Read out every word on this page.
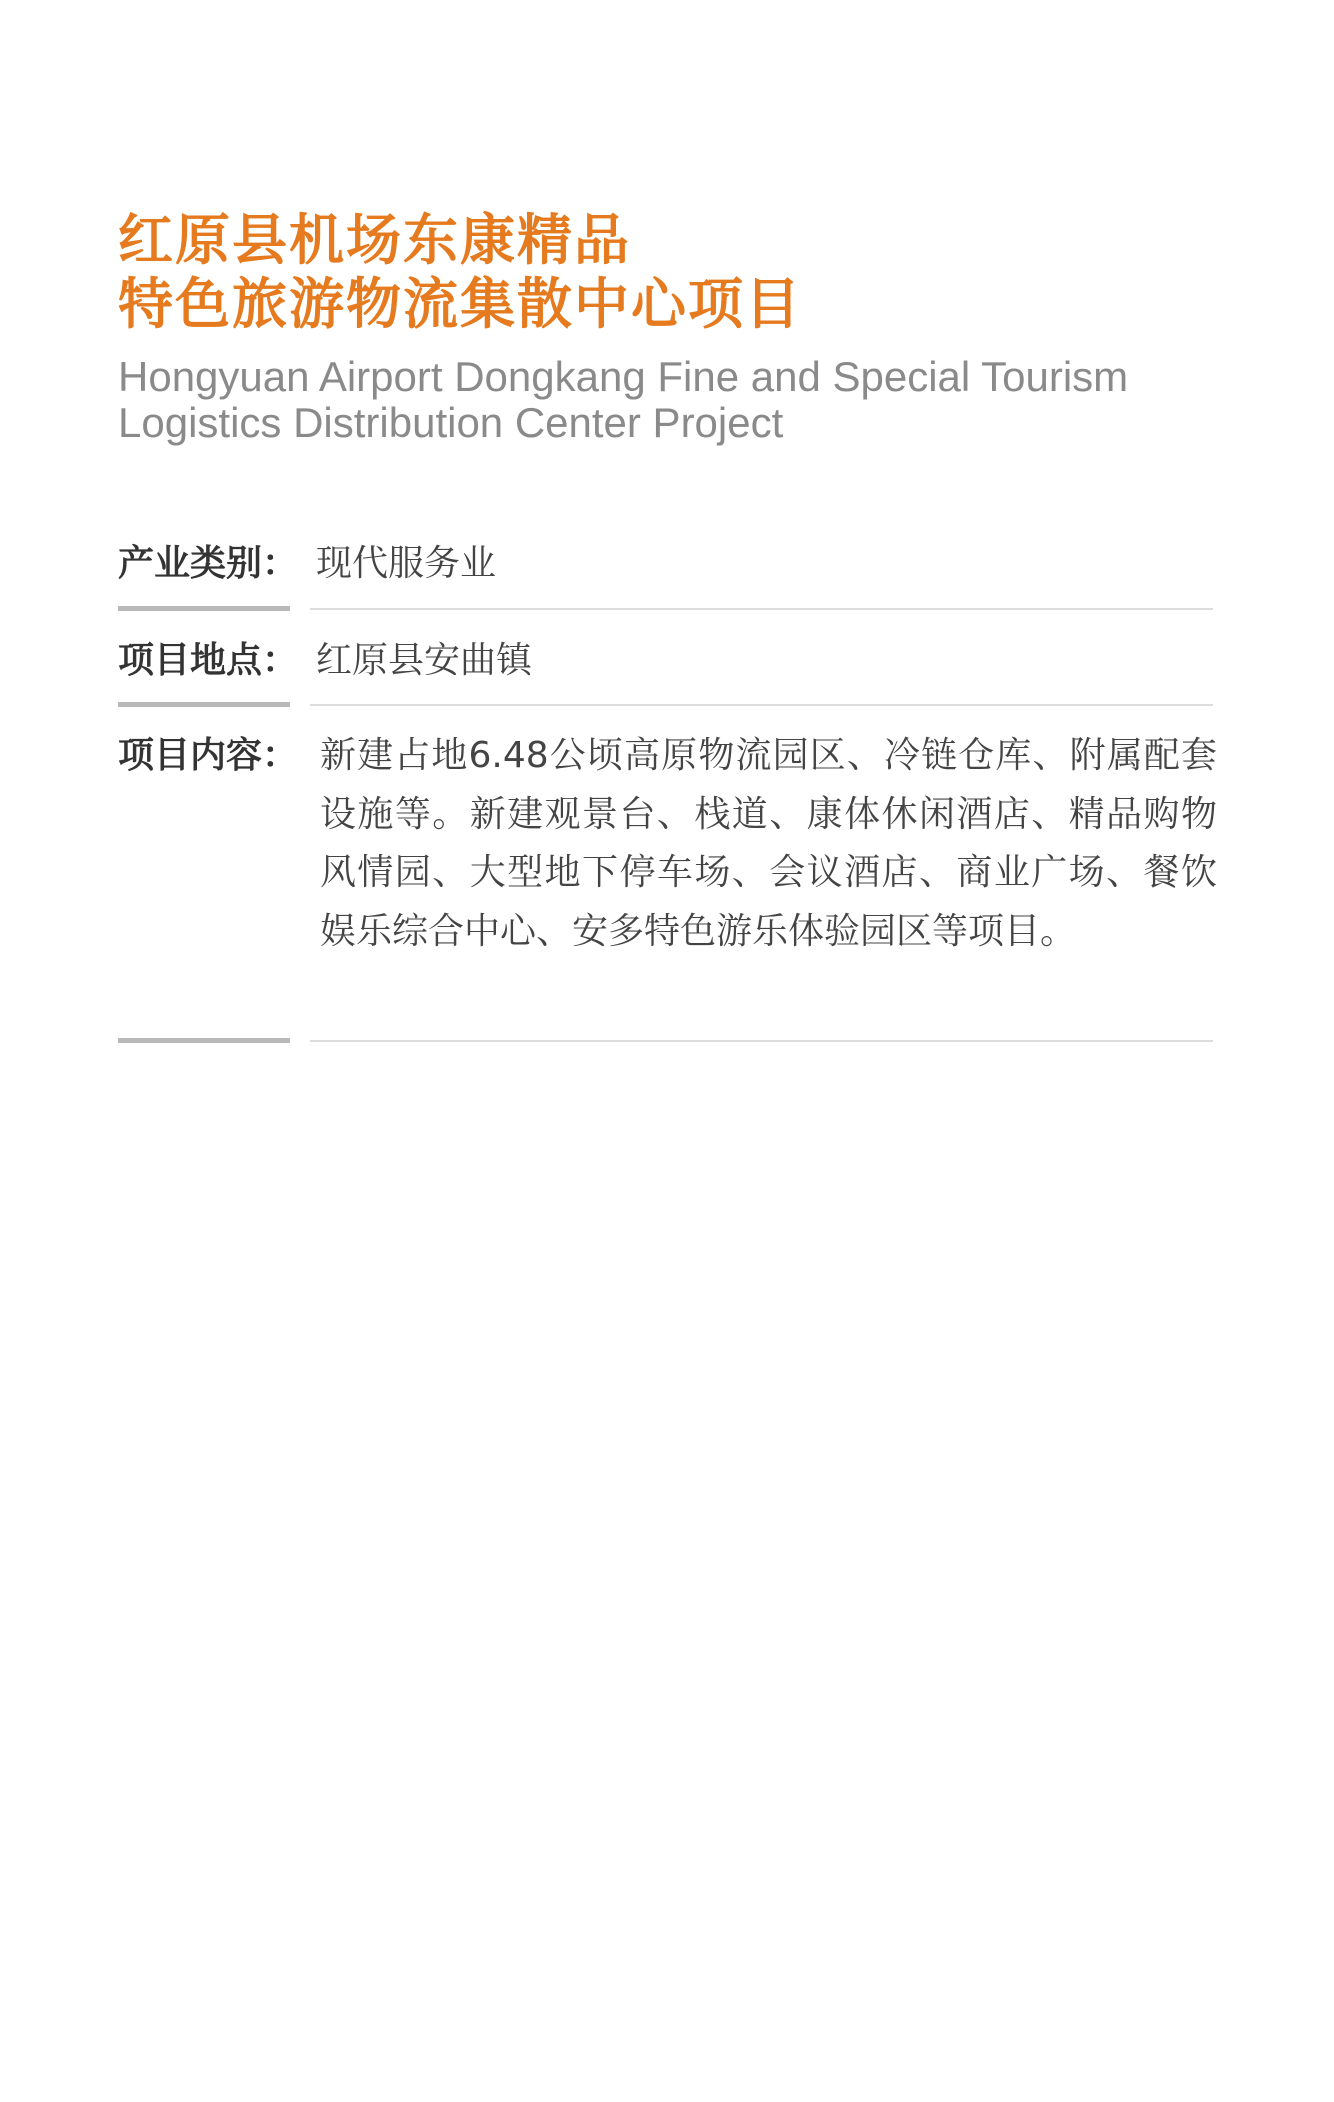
红原县机场东康精品
特色旅游物流集散中心项目
Hongyuan Airport Dongkang Fine and Special Tourism
Logistics Distribution Center Project
产业类别： 现代服务业
项目地点： 红原县安曲镇
项目内容： 新建占地6.48公顷高原物流园区、冷链仓库、附属配套设施等。新建观景台、栈道、康体休闲酒店、精品购物风情园、大型地下停车场、会议酒店、商业广场、餐饮娱乐综合中心、安多特色游乐体验园区等项目。
